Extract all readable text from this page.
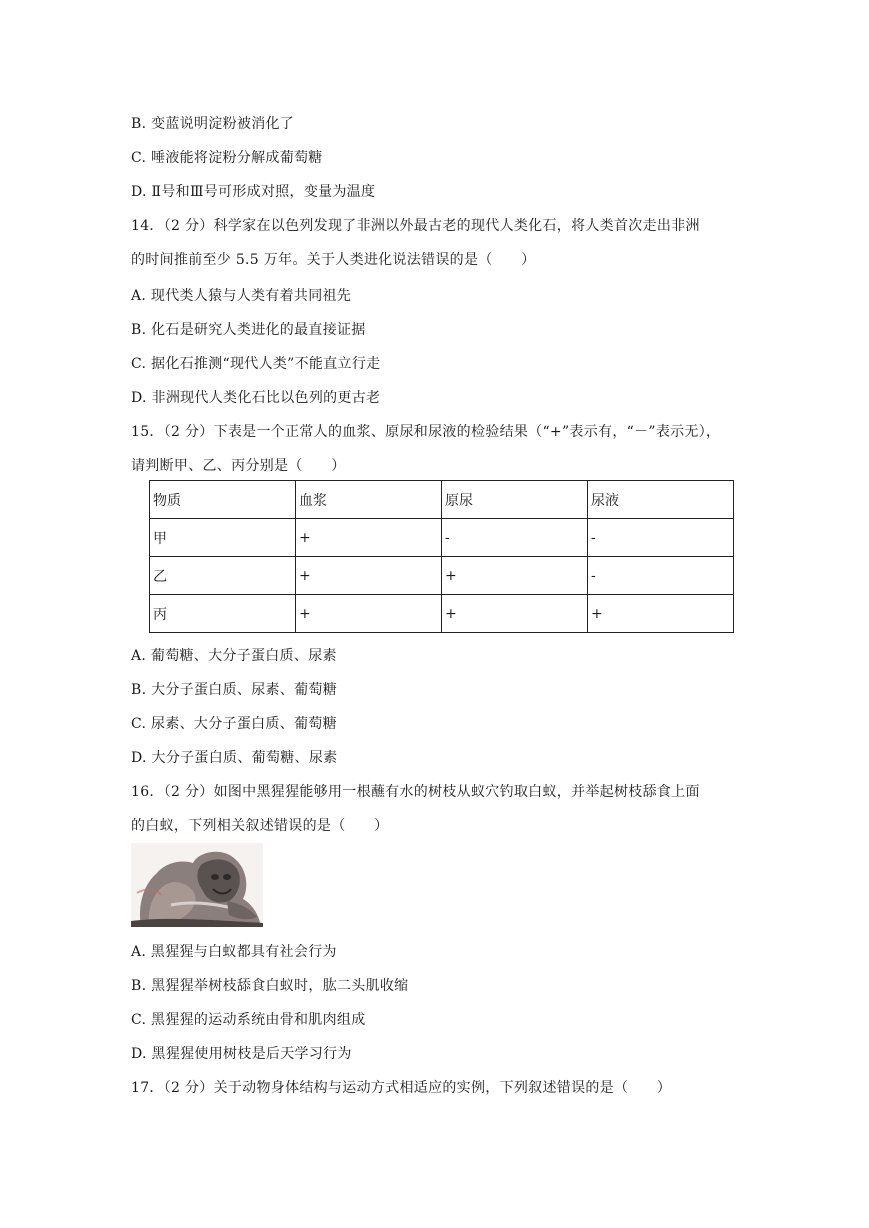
B. 变蓝说明淀粉被消化了
C. 唾液能将淀粉分解成葡萄糖
D. Ⅱ号和Ⅲ号可形成对照，变量为温度
14．（2 分）科学家在以色列发现了非洲以外最古老的现代人类化石，将人类首次走出非洲
的时间推前至少 5.5 万年。关于人类进化说法错误的是（　　）
A. 现代类人猿与人类有着共同祖先
B. 化石是研究人类进化的最直接证据
C. 据化石推测“现代人类”不能直立行走
D. 非洲现代人类化石比以色列的更古老
15．（2 分）下表是一个正常人的血浆、原尿和尿液的检验结果（“+”表示有，“－”表示无），
请判断甲、乙、丙分别是（　　）
物质	血浆	原尿	尿液
甲	+	-	-
乙	+	+	-
丙	+	+	+
A. 葡萄糖、大分子蛋白质、尿素
B. 大分子蛋白质、尿素、葡萄糖
C. 尿素、大分子蛋白质、葡萄糖
D. 大分子蛋白质、葡萄糖、尿素
16．（2 分）如图中黑猩猩能够用一根蘸有水的树枝从蚁穴钓取白蚁，并举起树枝舔食上面
的白蚁，下列相关叙述错误的是（　　）
A. 黑猩猩与白蚁都具有社会行为
B. 黑猩猩举树枝舔食白蚁时，肱二头肌收缩
C. 黑猩猩的运动系统由骨和肌肉组成
D. 黑猩猩使用树枝是后天学习行为
17．（2 分）关于动物身体结构与运动方式相适应的实例，下列叙述错误的是（　　）
